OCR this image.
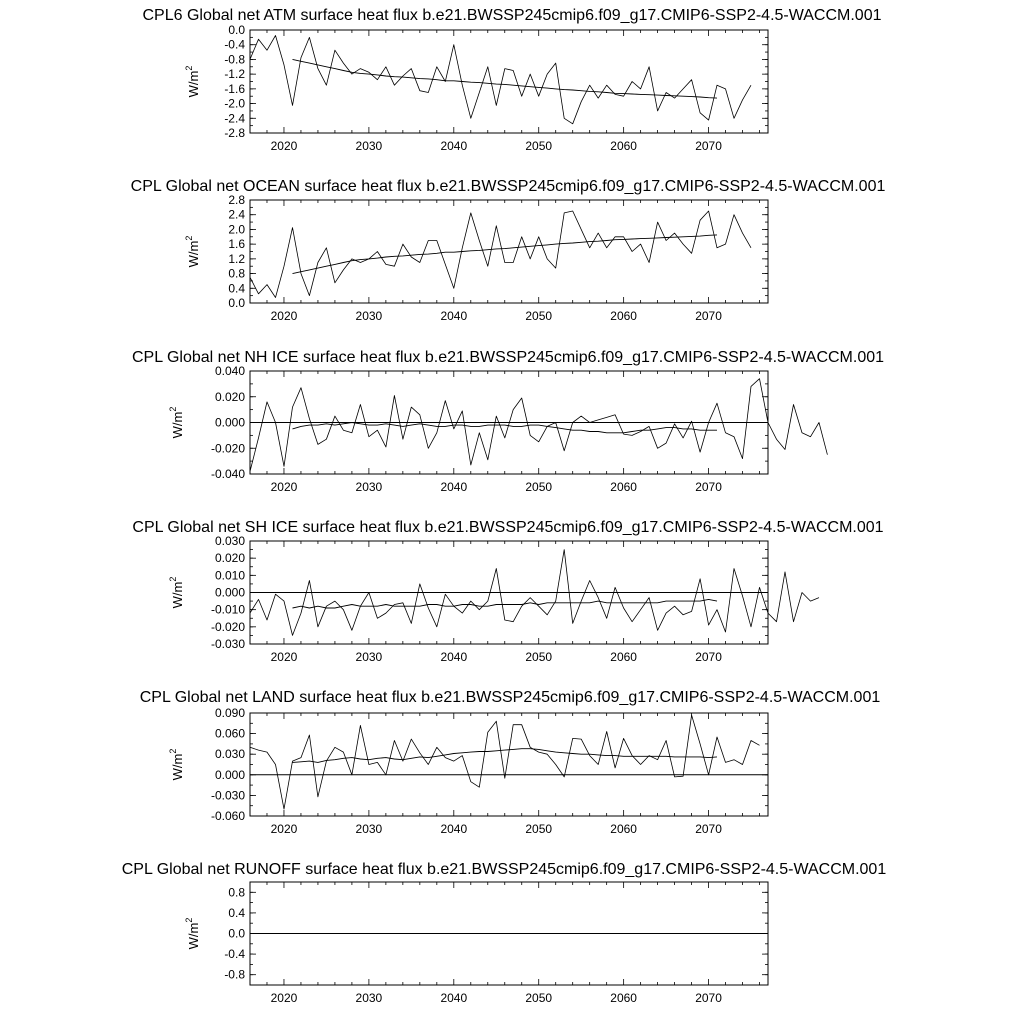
CPL6 Global net ATM surface heat flux b.e21.BWSSP245cmip6.f09_g17.CMIP6-SSP2-4.5-WACCM.001
2020	2030	2040	2050	2060	2070
0.0
-0.4
-0.8
-1.2
-1.6
-2.0
-2.4
-2.8
$W/m^2$
CPL Global net OCEAN surface heat flux b.e21.BWSSP245cmip6.f09_g17.CMIP6-SSP2-4.5-WACCM.001
2020	2030	2040	2050	2060	2070
2.8
2.4
2.0
1.6
1.2
0.8
0.4
0.0
$W/m^2$
CPL Global net NH ICE surface heat flux b.e21.BWSSP245cmip6.f09_g17.CMIP6-SSP2-4.5-WACCM.001
2020	2030	2040	2050	2060	2070
0.040
0.020
0.000
-0.020
-0.040
$W/m^2$
CPL Global net SH ICE surface heat flux b.e21.BWSSP245cmip6.f09_g17.CMIP6-SSP2-4.5-WACCM.001
2020	2030	2040	2050	2060	2070
0.030
0.020
0.010
0.000
-0.010
-0.020
-0.030
$W/m^2$
CPL Global net LAND surface heat flux b.e21.BWSSP245cmip6.f09_g17.CMIP6-SSP2-4.5-WACCM.001
2020	2030	2040	2050	2060	2070
0.090
0.060
0.030
0.000
-0.030
-0.060
$W/m^2$
CPL Global net RUNOFF surface heat flux b.e21.BWSSP245cmip6.f09_g17.CMIP6-SSP2-4.5-WACCM.001
2020	2030	2040	2050	2060	2070
0.8
0.4
0.0
-0.4
-0.8
$W/m^2$
